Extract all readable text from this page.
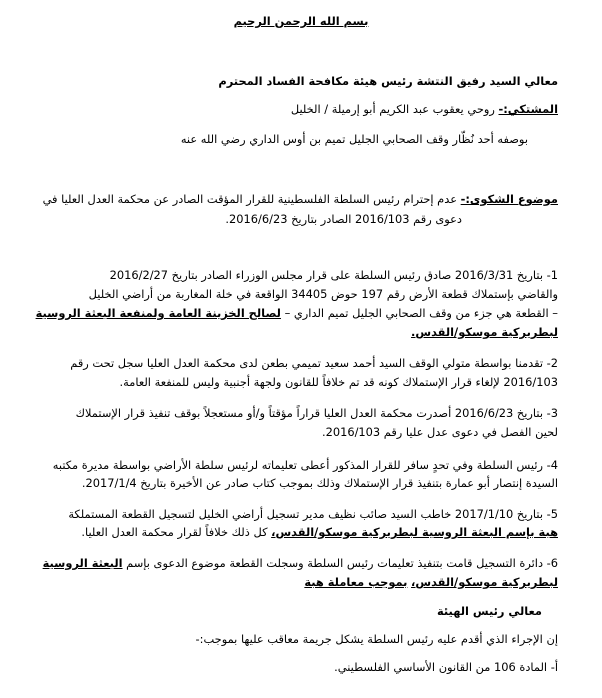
بسم الله الرحمن الرحيم
معالي السيد رفيق النتشة رئيس هيئة مكافحة الفساد المحترم
المشتكي:- روحي يعقوب عبد الكريم أبو إرميلة / الخليل
بوصفه أحد نُظّار وقف الصحابي الجليل تميم بن أوس الداري رضي الله عنه
موضوع الشكوى:- عدم إحترام رئيس السلطة الفلسطينية للقرار المؤقت الصادر عن محكمة العدل العليا في
دعوى رقم 2016/103 الصادر بتاريخ 2016/6/23.
1- بتاريخ 2016/3/31 صادق رئيس السلطة على قرار مجلس الوزراء الصادر بتاريخ 2016/2/27
والقاضي بإستملاك قطعة الأرض رقم 197 حوض 34405 الواقعة في خلة المغاربة من أراضي الخليل
– القطعة هي جزء من وقف الصحابي الجليل تميم الداري – لصالح الخزينة العامة ولمنفعة البعثة الروسية
لبطريركية موسكو/القدس.
2- تقدمنا بواسطة متولي الوقف السيد أحمد سعيد تميمي بطعن لدى محكمة العدل العليا سجل تحت رقم
2016/103 لإلغاء قرار الإستملاك كونه قد تم خلافاً للقانون ولجهة أجنبية وليس للمنفعة العامة.
3- بتاريخ 2016/6/23 أصدرت محكمة العدل العليا قراراً مؤقتاً و/أو مستعجلاً بوقف تنفيذ قرار الإستملاك
لحين الفصل في دعوى عدل عليا رقم 2016/103.
4- رئيس السلطة وفي تحدٍ سافر للقرار المذكور أعطى تعليماته لرئيس سلطة الأراضي بواسطة مديرة مكتبه
السيدة إنتصار أبو عمارة بتنفيذ قرار الإستملاك وذلك بموجب كتاب صادر عن الأخيرة بتاريخ 2017/1/4.
5- بتاريخ 2017/1/10 خاطب السيد صائب نظيف مدير تسجيل أراضي الخليل لتسجيل القطعة المستملكة
هبة بإسم البعثة الروسية لبطريركية موسكو/القدس، كل ذلك خلافاً لقرار محكمة العدل العليا.
6- دائرة التسجيل قامت بتنفيذ تعليمات رئيس السلطة وسجلت القطعة موضوع الدعوى بإسم البعثة الروسية
لبطريركية موسكو/القدس، بموجب معاملة هبة
معالي رئيس الهيئة
إن الإجراء الذي أقدم عليه رئيس السلطة يشكل جريمة معاقب عليها بموجب:-
أ- المادة 106 من القانون الأساسي الفلسطيني.
